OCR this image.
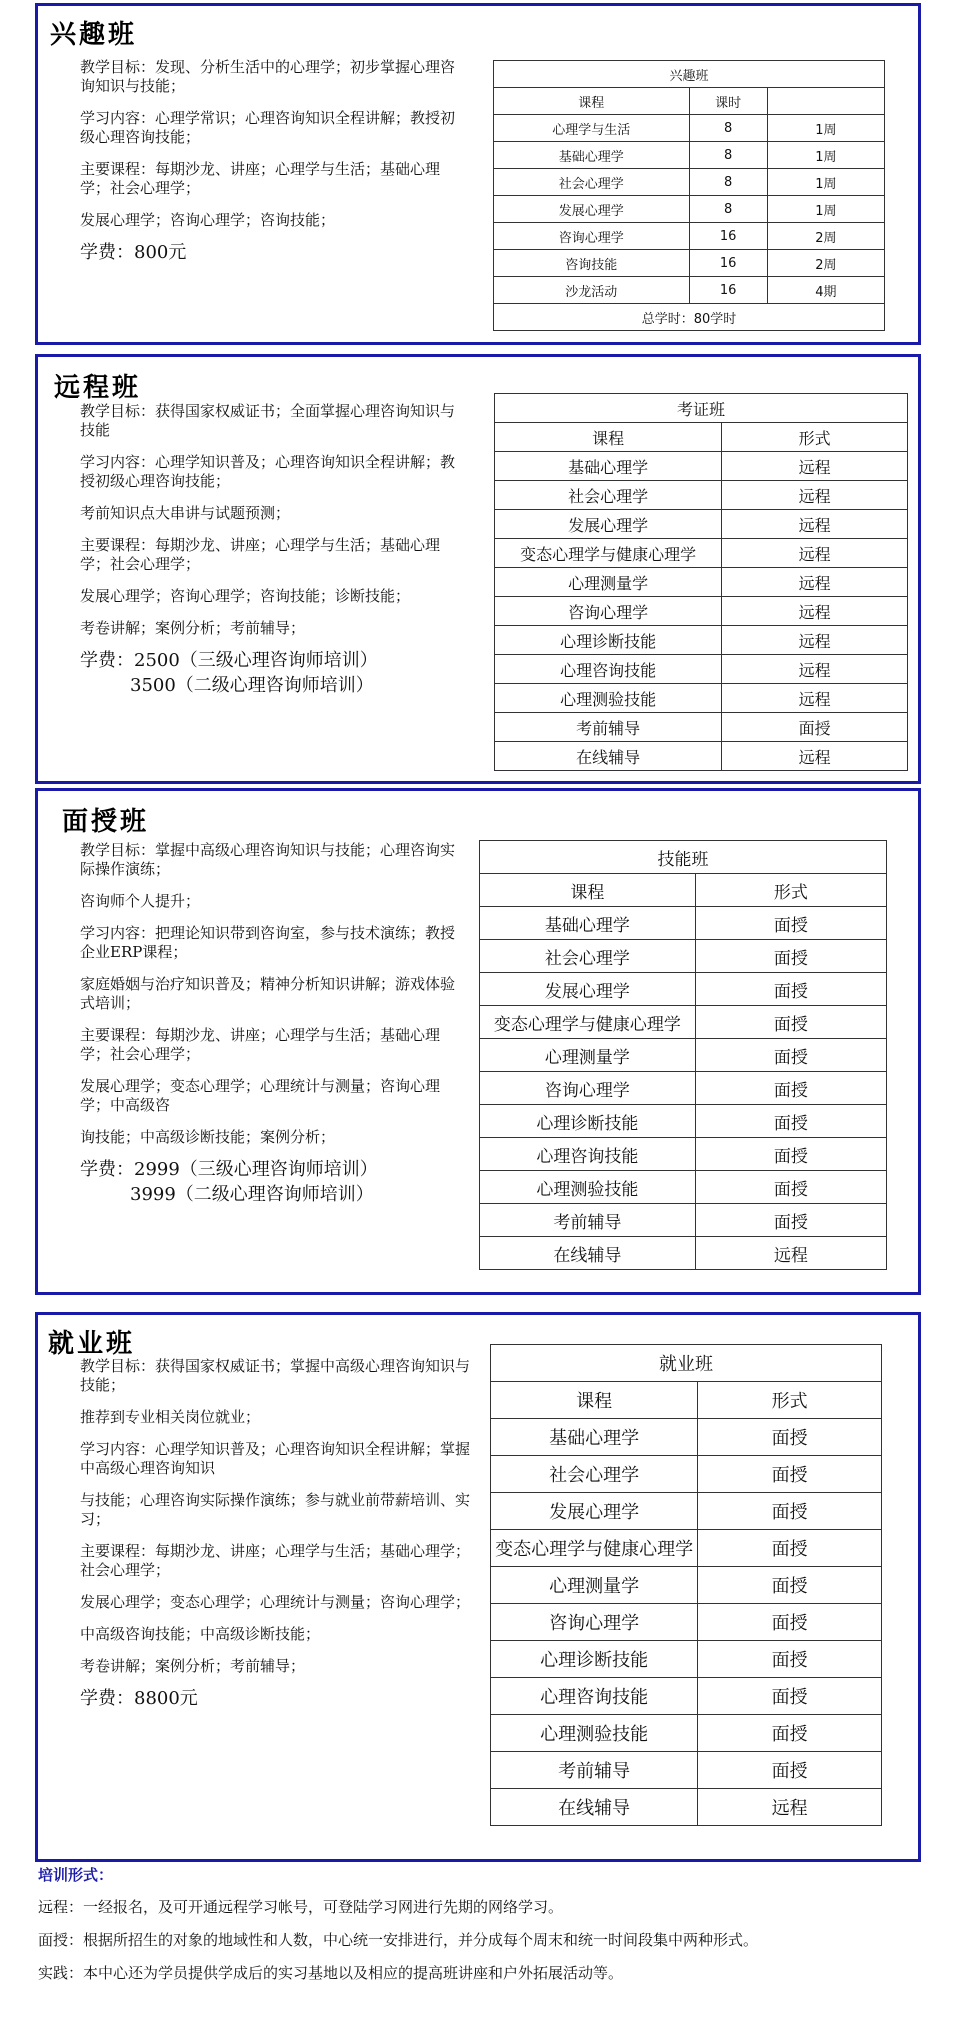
兴趣班

教学目标：发现、分析生活中的心理学；初步掌握心理咨询知识与技能；

学习内容：心理学常识；心理咨询知识全程讲解；教授初级心理咨询技能；

主要课程：每期沙龙、讲座；心理学与生活；基础心理学；社会心理学；

发展心理学；咨询心理学；咨询技能；

学费：800元
兴趣班		
课程	课时	
心理学与生活	8	1周
基础心理学	8	1周
社会心理学	8	1周
发展心理学	8	1周
咨询心理学	16	2周
咨询技能	16	2周
沙龙活动	16	4期
总学时：80学时		
远程班

教学目标：获得国家权威证书；全面掌握心理咨询知识与技能

学习内容：心理学知识普及；心理咨询知识全程讲解；教授初级心理咨询技能；

考前知识点大串讲与试题预测；

主要课程：每期沙龙、讲座；心理学与生活；基础心理学；社会心理学；

发展心理学；咨询心理学；咨询技能；诊断技能；

考卷讲解；案例分析；考前辅导；

学费：2500（三级心理咨询师培训）
3500（二级心理咨询师培训）
考证班	
课程	形式
基础心理学	远程
社会心理学	远程
发展心理学	远程
变态心理学与健康心理学	远程
心理测量学	远程
咨询心理学	远程
心理诊断技能	远程
心理咨询技能	远程
心理测验技能	远程
考前辅导	面授
在线辅导	远程
面授班

教学目标：掌握中高级心理咨询知识与技能；心理咨询实际操作演练；

咨询师个人提升；

学习内容：把理论知识带到咨询室，参与技术演练；教授企业ERP课程；

家庭婚姻与治疗知识普及；精神分析知识讲解；游戏体验式培训；

主要课程：每期沙龙、讲座；心理学与生活；基础心理学；社会心理学；

发展心理学；变态心理学；心理统计与测量；咨询心理学；中高级咨

询技能；中高级诊断技能；案例分析；

学费：2999（三级心理咨询师培训）
3999（二级心理咨询师培训）
技能班	
课程	形式
基础心理学	面授
社会心理学	面授
发展心理学	面授
变态心理学与健康心理学	面授
心理测量学	面授
咨询心理学	面授
心理诊断技能	面授
心理咨询技能	面授
心理测验技能	面授
考前辅导	面授
在线辅导	远程
就业班

教学目标：获得国家权威证书；掌握中高级心理咨询知识与技能；

推荐到专业相关岗位就业；

学习内容：心理学知识普及；心理咨询知识全程讲解；掌握中高级心理咨询知识

与技能；心理咨询实际操作演练；参与就业前带薪培训、实习；

主要课程：每期沙龙、讲座；心理学与生活；基础心理学；社会心理学；

发展心理学；变态心理学；心理统计与测量；咨询心理学；

中高级咨询技能；中高级诊断技能；

考卷讲解；案例分析；考前辅导；

学费：8800元
就业班	
课程	形式
基础心理学	面授
社会心理学	面授
发展心理学	面授
变态心理学与健康心理学	面授
心理测量学	面授
咨询心理学	面授
心理诊断技能	面授
心理咨询技能	面授
心理测验技能	面授
考前辅导	面授
在线辅导	远程
培训形式：

远程：一经报名，及可开通远程学习帐号，可登陆学习网进行先期的网络学习。

面授：根据所招生的对象的地域性和人数，中心统一安排进行，并分成每个周末和统一时间段集中两种形式。

实践：本中心还为学员提供学成后的实习基地以及相应的提高班讲座和户外拓展活动等。
